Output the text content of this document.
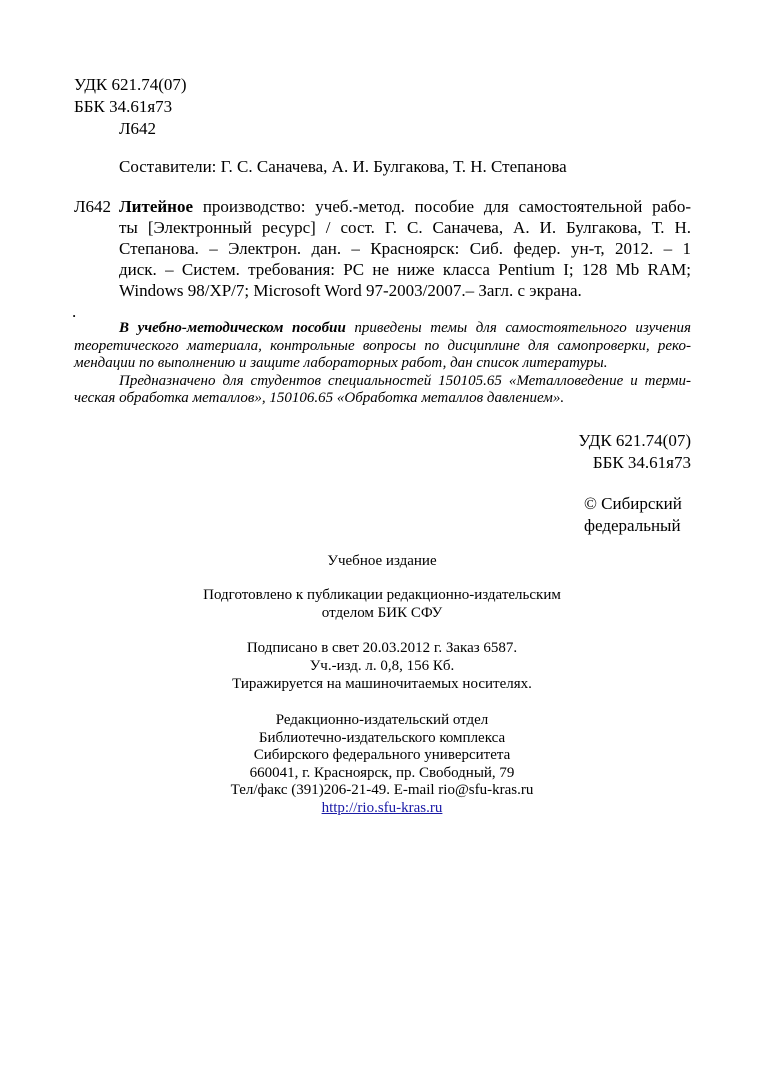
УДК 621.74(07)
ББК 34.61я73
Л642
Составители: Г. С. Саначева, А. И. Булгакова, Т. Н. Степанова
Л642 Литейное производство: учеб.-метод. пособие для самостоятельной рабо-
ты [Электронный ресурс] / сост. Г. С. Саначева, А. И. Булгакова, Т. Н.
Степанова. – Электрон. дан. – Красноярск: Сиб. федер. ун-т, 2012. – 1
диск. – Систем. требования: PC не ниже класса Pentium I; 128 Mb RAM;
Windows 98/XP/7; Microsoft Word 97-2003/2007.– Загл. с экрана.
.
В учебно-методическом пособии приведены темы для самостоятельного изучения
теоретического материала, контрольные вопросы по дисциплине для самопроверки, реко-
мендации по выполнению и защите лабораторных работ, дан список литературы.
Предназначено для студентов специальностей 150105.65 «Металловедение и терми-
ческая обработка металлов», 150106.65 «Обработка металлов давлением».
УДК 621.74(07)
ББК 34.61я73
© Сибирский
федеральный
Учебное издание
Подготовлено к публикации редакционно-издательским
отделом БИК СФУ
Подписано в свет 20.03.2012 г. Заказ 6587.
Уч.-изд. л. 0,8, 156 Кб.
Тиражируется на машиночитаемых носителях.
Редакционно-издательский отдел
Библиотечно-издательского комплекса
Сибирского федерального университета
660041, г. Красноярск, пр. Свободный, 79
Тел/факс (391)206-21-49. E-mail rio@sfu-kras.ru
http://rio.sfu-kras.ru
